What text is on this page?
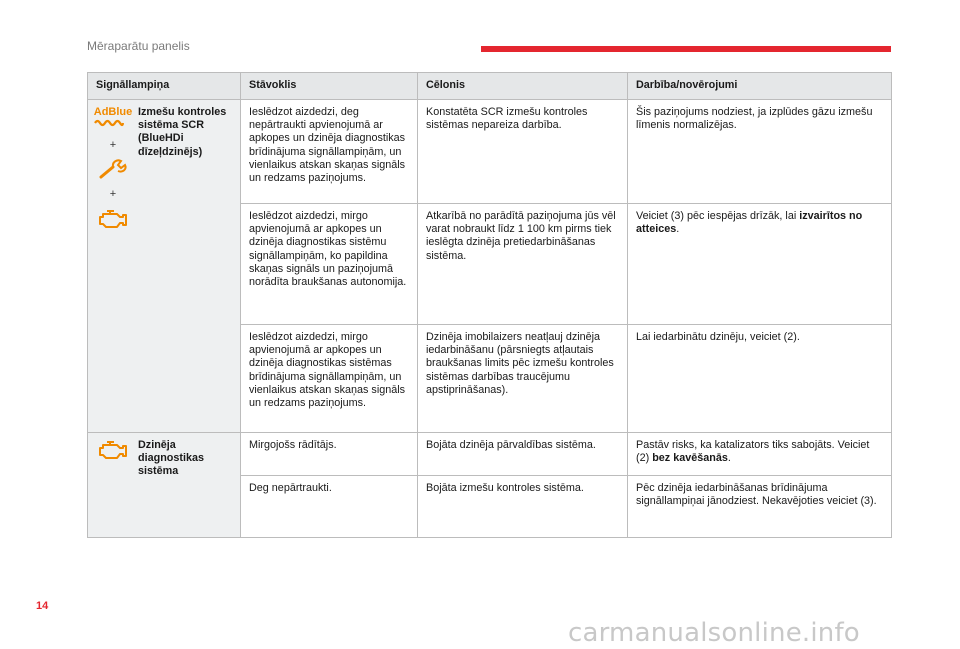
Mēraparātu panelis
Signāllampiņa	Stāvoklis	Cēlonis	Darbība/novērojumi

AdBlue
+
+
Izmešu kontroles sistēma SCR (BlueHDi dīzeļdzinējs)	Ieslēdzot aizdedzi, deg nepārtraukti apvienojumā ar apkopes un dzinēja diagnostikas brīdinājuma signāllampiņām, un vienlaikus atskan skaņas signāls un redzams paziņojums.	Konstatēta SCR izmešu kontroles sistēmas nepareiza darbība.	Šis paziņojums nodziest, ja izplūdes gāzu izmešu līmenis normalizējas.
	Ieslēdzot aizdedzi, mirgo apvienojumā ar apkopes un dzinēja diagnostikas sistēmu signāllampiņām, ko papildina skaņas signāls un paziņojumā norādīta braukšanas autonomija.	Atkarībā no parādītā paziņojuma jūs vēl varat nobraukt līdz 1 100 km pirms tiek ieslēgta dzinēja pretiedarbināšanas sistēma.	Veiciet (3) pēc iespējas drīzāk, lai izvairītos no atteices.
	Ieslēdzot aizdedzi, mirgo apvienojumā ar apkopes un dzinēja diagnostikas sistēmas brīdinājuma signāllampiņām, un vienlaikus atskan skaņas signāls un redzams paziņojums.	Dzinēja imobilaizers neatļauj dzinēja iedarbināšanu (pārsniegts atļautais braukšanas limits pēc izmešu kontroles sistēmas darbības traucējumu apstiprināšanas).	Lai iedarbinātu dzinēju, veiciet (2).

Dzinēja diagnostikas sistēma	Mirgojošs rādītājs.	Bojāta dzinēja pārvaldības sistēma.	Pastāv risks, ka katalizators tiks sabojāts. Veiciet (2) bez kavēšanās.
	Deg nepārtraukti.	Bojāta izmešu kontroles sistēma.	Pēc dzinēja iedarbināšanas brīdinājuma signāllampiņai jānodziest. Nekavējoties veiciet (3).
14
carmanualsonline.info
